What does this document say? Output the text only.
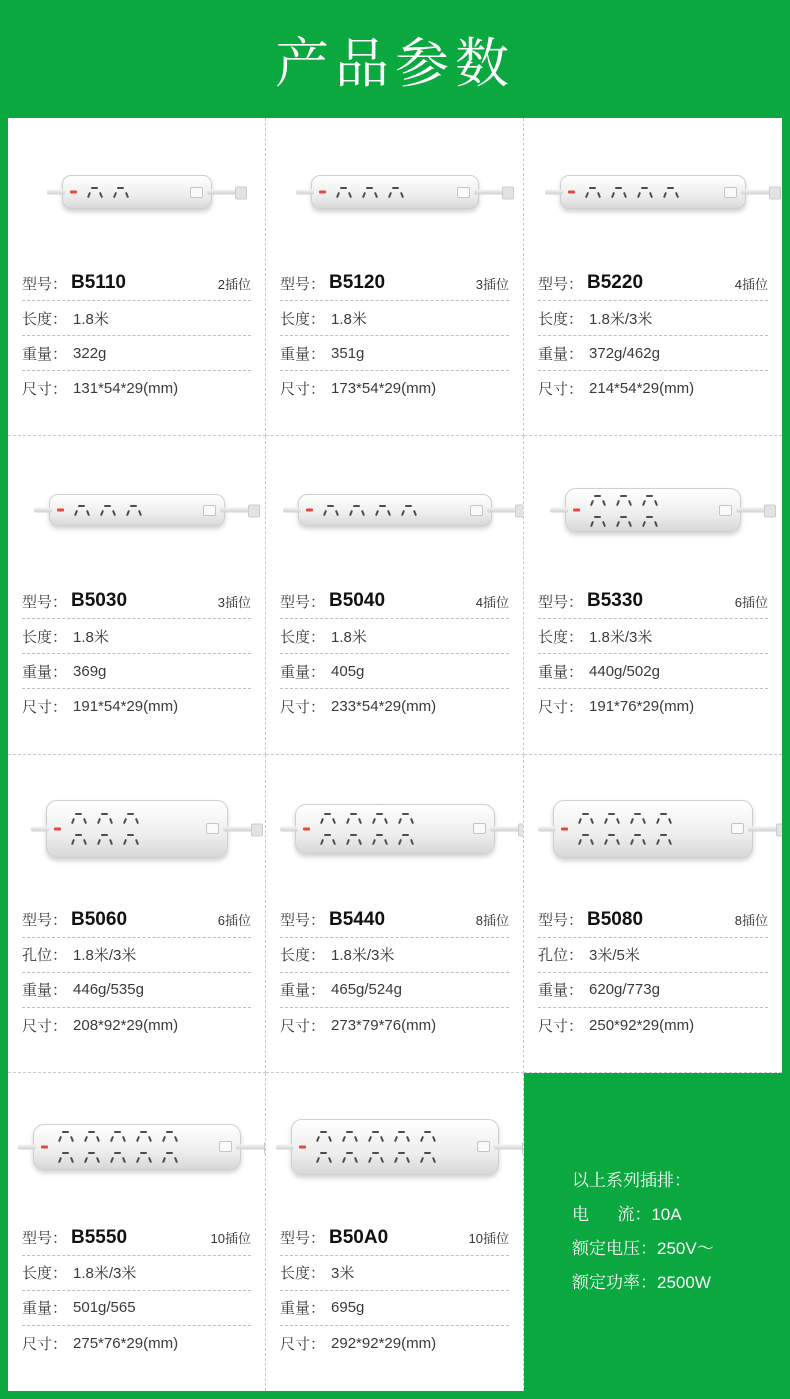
产品参数
型号： B5110	2插位
长度： 1.8米
重量： 322g
尺寸： 131*54*29(mm)
型号： B5120	3插位
长度： 1.8米
重量： 351g
尺寸： 173*54*29(mm)
型号： B5220	4插位
长度： 1.8米/3米
重量： 372g/462g
尺寸： 214*54*29(mm)
型号： B5030	3插位
长度： 1.8米
重量： 369g
尺寸： 191*54*29(mm)
型号： B5040	4插位
长度： 1.8米
重量： 405g
尺寸： 233*54*29(mm)
型号： B5330	6插位
长度： 1.8米/3米
重量： 440g/502g
尺寸： 191*76*29(mm)
型号： B5060	6插位
孔位： 1.8米/3米
重量： 446g/535g
尺寸： 208*92*29(mm)
型号： B5440	8插位
长度： 1.8米/3米
重量： 465g/524g
尺寸： 273*79*76(mm)
型号： B5080	8插位
孔位： 3米/5米
重量： 620g/773g
尺寸： 250*92*29(mm)
型号： B5550	10插位
长度： 1.8米/3米
重量： 501g/565
尺寸： 275*76*29(mm)
型号： B50A0	10插位
长度： 3米
重量： 695g
尺寸： 292*92*29(mm)
以上系列插排：
电      流：10A
额定电压：250V〜
额定功率：2500W
